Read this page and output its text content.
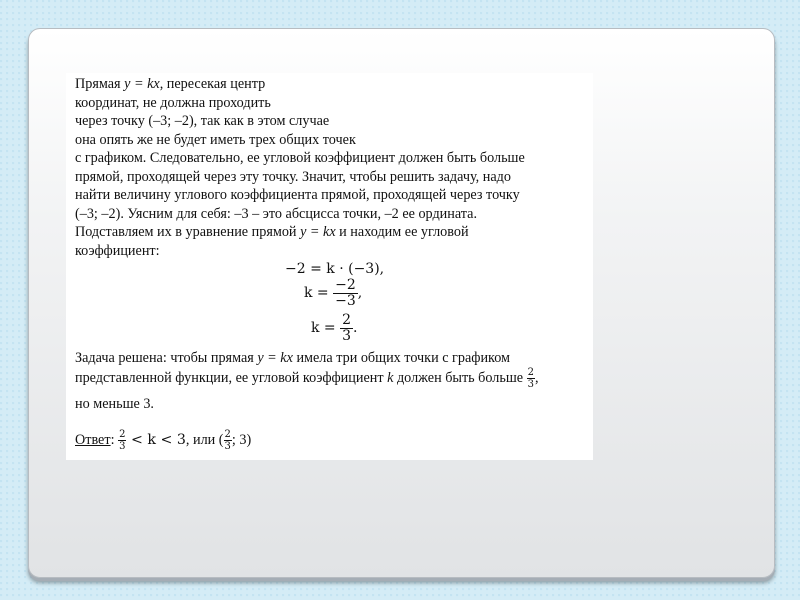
Прямая y = kx, пересекая центр
координат, не должна проходить
через точку (–3; –2), так как в этом случае
она опять же не будет иметь трех общих точек
с графиком. Следовательно, ее угловой коэффициент должен быть больше
прямой, проходящей через эту точку. Значит, чтобы решить задачу, надо
найти величину углового коэффициента прямой, проходящей через точку
(–3; –2). Уясним для себя: –3 – это абсцисса точки, –2 ее ордината.
Подставляем их в уравнение прямой y = kx и находим ее угловой
коэффициент:
−2 = k · (−3),
$k = \frac{-2}{-3}$ ,
$k = \frac{2}{3}$ .
Задача решена: чтобы прямая y = kx имела три общих точки с графиком
представленной функции, ее угловой коэффициент k должен быть больше $\frac{2}{3}$ ,
но меньше 3.
Ответ: $\frac{2}{3} < k < 3$, или ( $\frac{2}{3}$ ; 3)
